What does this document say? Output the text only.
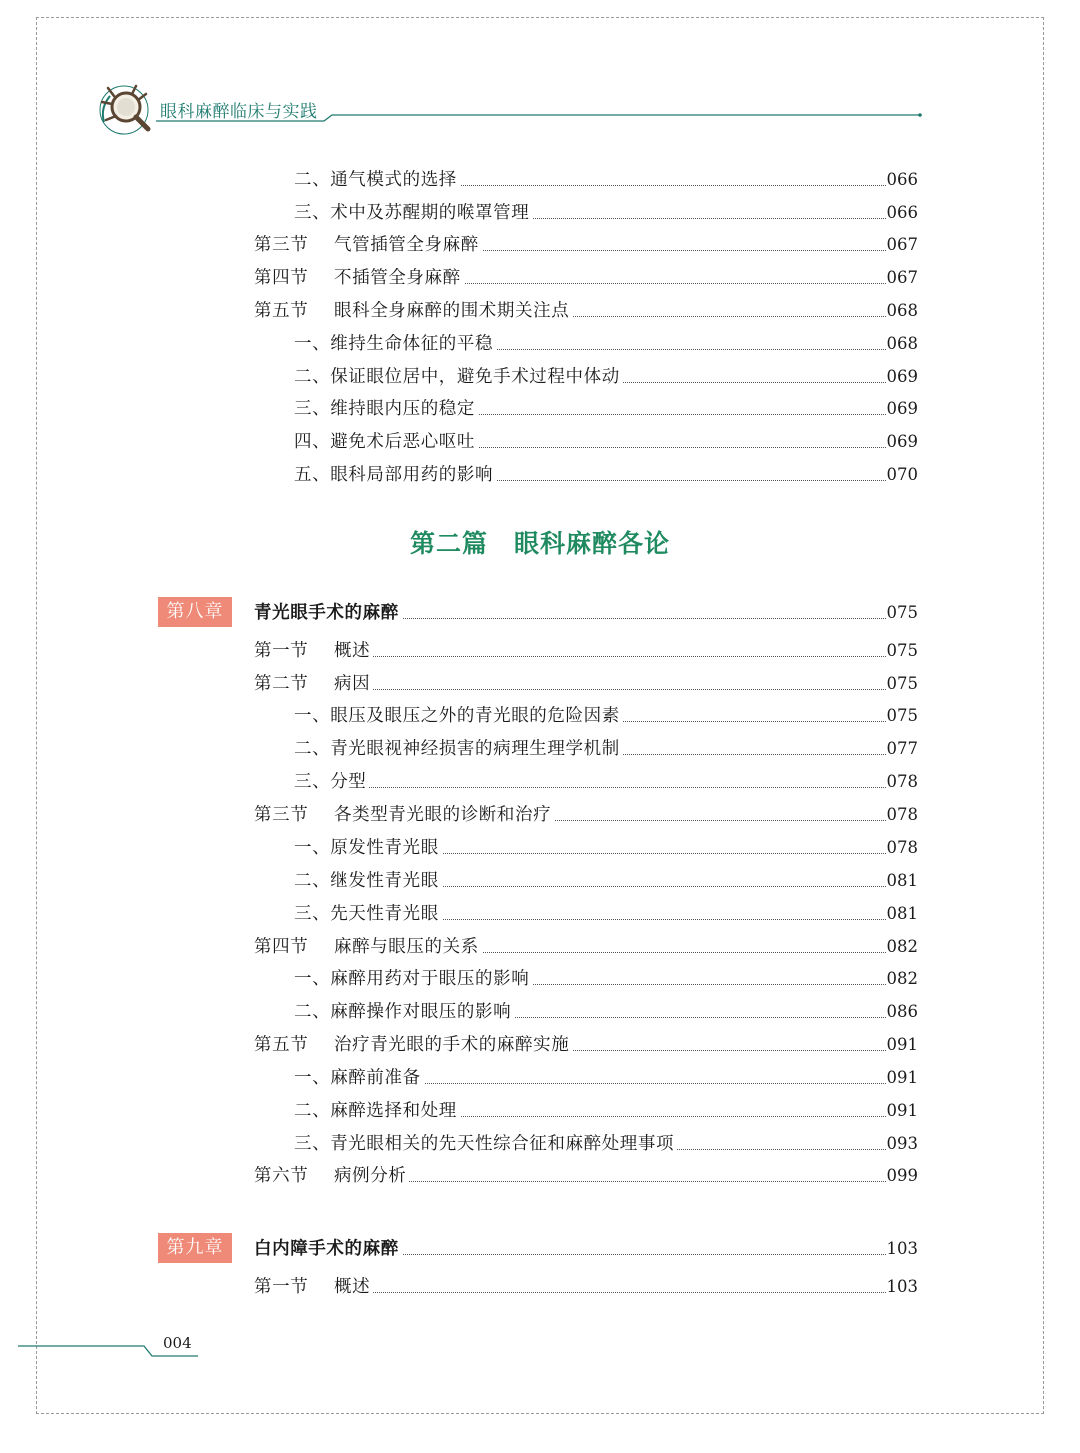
眼科麻醉临床与实践
二、通气模式的选择	066
三、术中及苏醒期的喉罩管理	066
第三节 气管插管全身麻醉	067
第四节 不插管全身麻醉	067
第五节 眼科全身麻醉的围术期关注点	068
一、维持生命体征的平稳	068
二、保证眼位居中，避免手术过程中体动	069
三、维持眼内压的稳定	069
四、避免术后恶心呕吐	069
五、眼科局部用药的影响	070
第二篇　眼科麻醉各论
第八章	青光眼手术的麻醉	075
第一节 概述	075
第二节 病因	075
一、眼压及眼压之外的青光眼的危险因素	075
二、青光眼视神经损害的病理生理学机制	077
三、分型	078
第三节 各类型青光眼的诊断和治疗	078
一、原发性青光眼	078
二、继发性青光眼	081
三、先天性青光眼	081
第四节 麻醉与眼压的关系	082
一、麻醉用药对于眼压的影响	082
二、麻醉操作对眼压的影响	086
第五节 治疗青光眼的手术的麻醉实施	091
一、麻醉前准备	091
二、麻醉选择和处理	091
三、青光眼相关的先天性综合征和麻醉处理事项	093
第六节 病例分析	099
第九章	白内障手术的麻醉	103
第一节 概述	103
004
